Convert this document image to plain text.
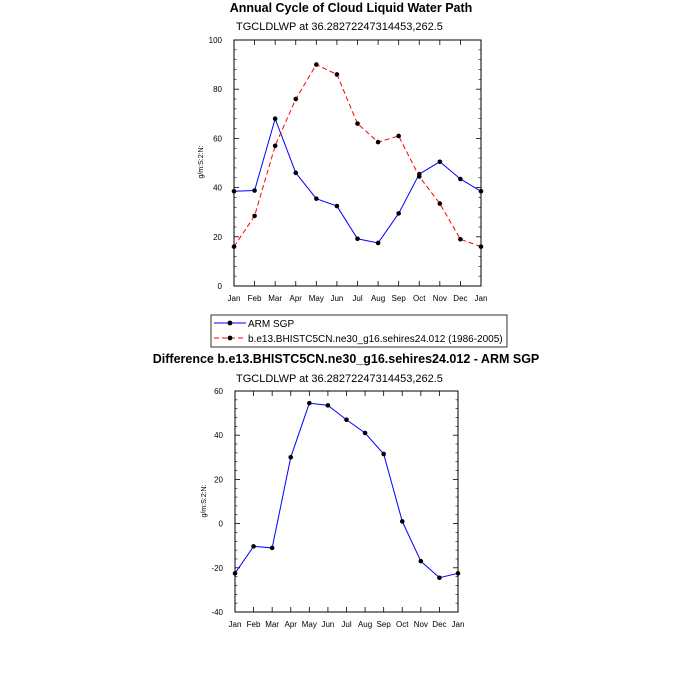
Annual Cycle of Cloud Liquid Water Path
TGCLDLWP at 36.28272247314453,262.5
g/m:S:2:N:
Jan Feb Mar Apr May Jun Jul Aug Sep Oct Nov Dec Jan
0
20
40
60
80
100
ARM SGP
b.e13.BHISTC5CN.ne30_g16.sehires24.012 (1986-2005)
Difference b.e13.BHISTC5CN.ne30_g16.sehires24.012 - ARM SGP
TGCLDLWP at 36.28272247314453,262.5
g/m:S:2:N:
Jan Feb Mar Apr May Jun Jul Aug Sep Oct Nov Dec Jan
-40
-20
0
20
40
60
